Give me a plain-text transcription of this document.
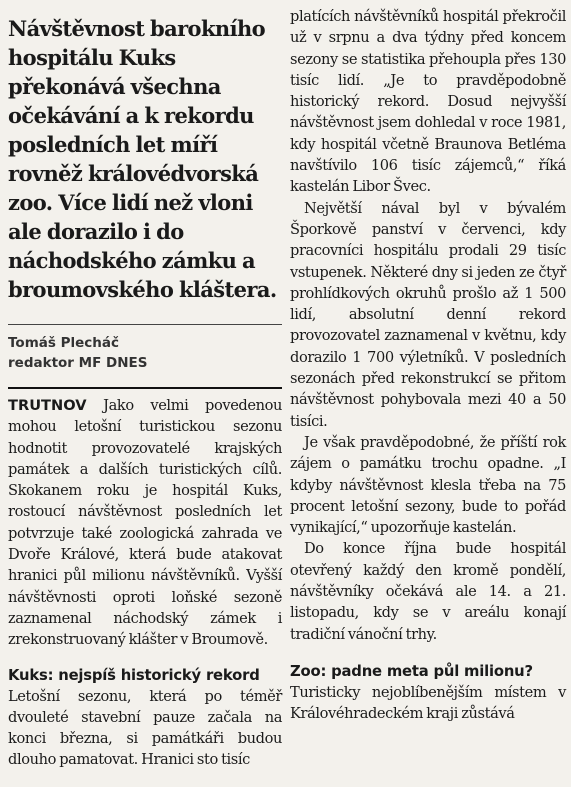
Návštěvnost barokního hospitálu Kuks překonává všechna očekávání a k rekordu posledních let míří rovněž královédvorská zoo. Více lidí než vloni ale dorazilo i do náchodského zámku a broumovského kláštera.

Tomáš Plecháč
redaktor MF DNES

TRUTNOV Jako velmi povedenou mohou letošní turistickou sezonu hodnotit provozovatelé krajských památek a dalších turistických cílů. Skokanem roku je hospitál Kuks, rostoucí návštěvnost posledních let potvrzuje také zoologická zahrada ve Dvoře Králové, která bude atakovat hranici půl milionu návštěvníků. Vyšší návštěvnosti oproti loňské sezoně zaznamenal náchodský zámek i zrekonstruovaný klášter v Broumově.

Kuks: nejspíš historický rekord

Letošní sezonu, která po téměř dvouleté stavební pauze začala na konci března, si památkáři budou dlouho pamatovat. Hranici sto tisíc

platících návštěvníků hospitál překročil už v srpnu a dva týdny před koncem sezony se statistika přehoupla přes 130 tisíc lidí. „Je to pravděpodobně historický rekord. Dosud nejvyšší návštěvnost jsem dohledal v roce 1981, kdy hospitál včetně Braunova Betléma navštívilo 106 tisíc zájemců,“ říká kastelán Libor Švec.

Největší nával byl v bývalém Šporkově panství v červenci, kdy pracovníci hospitálu prodali 29 tisíc vstupenek. Některé dny si jeden ze čtyř prohlídkových okruhů prošlo až 1 500 lidí, absolutní denní rekord provozovatel zaznamenal v květnu, kdy dorazilo 1 700 výletníků. V posledních sezonách před rekonstrukcí se přitom návštěvnost pohybovala mezi 40 a 50 tisíci.

Je však pravděpodobné, že příští rok zájem o památku trochu opadne. „I kdyby návštěvnost klesla třeba na 75 procent letošní sezony, bude to pořád vynikající,“ upozorňuje kastelán.

Do konce října bude hospitál otevřený každý den kromě pondělí, návštěvníky očekává ale 14. a 21. listopadu, kdy se v areálu konají tradiční vánoční trhy.

Zoo: padne meta půl milionu?

Turisticky nejoblíbenějším místem v Královéhradeckém kraji zůstává
